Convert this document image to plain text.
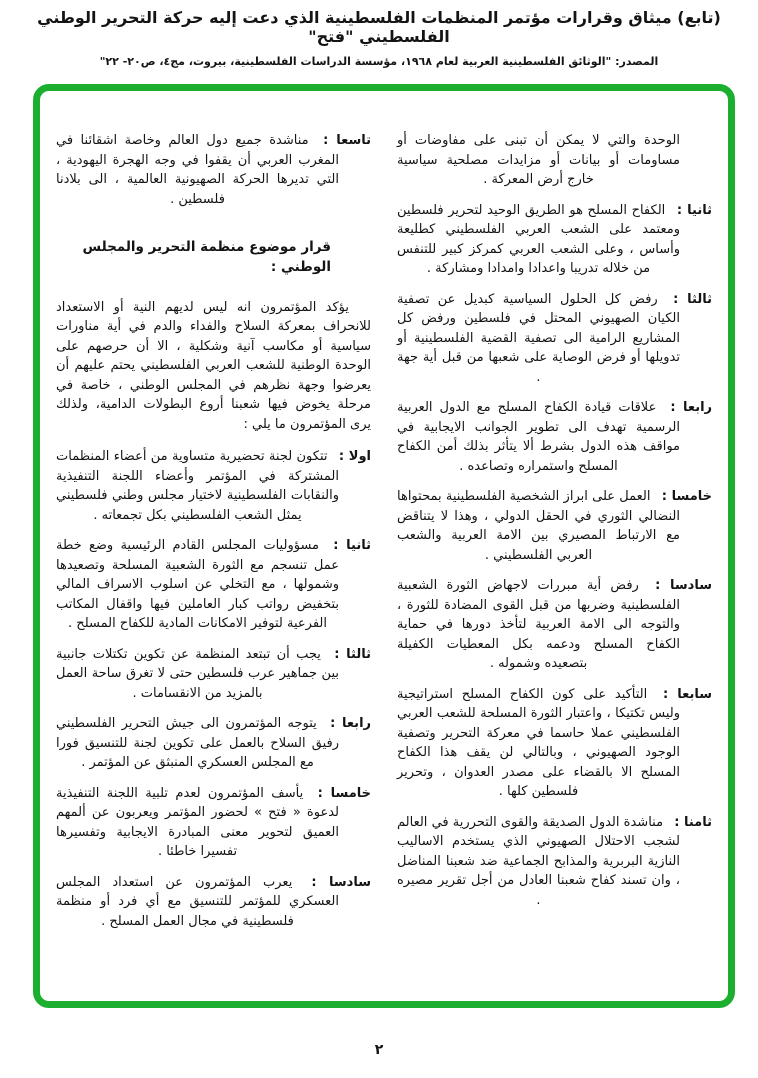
(تابع) ميثاق وقرارات مؤتمر المنظمات الفلسطينية الذي دعت إليه حركة التحرير الوطني الفلسطيني "فتح"
المصدر: "الوثائق الفلسطينية العربية لعام ١٩٦٨، مؤسسة الدراسات الفلسطينية، بيروت، مج٤، ص٢٠- ٢٢"

الوحدة والتي لا يمكن أن تبنى على مفاوضات أو مساومات أو بيانات أو مزايدات مصلحية سياسية خارج أرض المعركة .

ثانيا : الكفاح المسلح هو الطريق الوحيد لتحرير فلسطين ومعتمد على الشعب العربي الفلسطيني كطليعة وأساس ، وعلى الشعب العربي كمركز كبير للتنفس من خلاله تدريبا واعدادا وامدادا ومشاركة .

ثالثا : رفض كل الحلول السياسية كبديل عن تصفية الكيان الصهيوني المحتل في فلسطين ورفض كل المشاريع الرامية الى تصفية القضية الفلسطينية أو تدويلها أو فرض الوصاية على شعبها من قبل أية جهة .

رابعا : علاقات قيادة الكفاح المسلح مع الدول العربية الرسمية تهدف الى تطوير الجوانب الايجابية في مواقف هذه الدول بشرط ألا يتأثر بذلك أمن الكفاح المسلح واستمراره وتصاعده .

خامسا : العمل على ابراز الشخصية الفلسطينية بمحتواها النضالي الثوري في الحقل الدولي ، وهذا لا يتناقض مع الارتباط المصيري بين الامة العربية والشعب العربي الفلسطيني .

سادسا : رفض أية مبررات لاجهاض الثورة الشعبية الفلسطينية وضربها من قبل القوى المضادة للثورة ، والتوجه الى الامة العربية لتأخذ دورها في حماية الكفاح المسلح ودعمه بكل المعطيات الكفيلة بتصعيده وشموله .

سابعا : التأكيد على كون الكفاح المسلح استراتيجية وليس تكتيكا ، واعتبار الثورة المسلحة للشعب العربي الفلسطيني عملا حاسما في معركة التحرير وتصفية الوجود الصهيوني ، وبالتالي لن يقف هذا الكفاح المسلح الا بالقضاء على مصدر العدوان ، وتحرير فلسطين كلها .

ثامنا : مناشدة الدول الصديقة والقوى التحررية في العالم لشجب الاحتلال الصهيوني الذي يستخدم الاساليب النازية البربرية والمذابح الجماعية ضد شعبنا المناضل ، وان تسند كفاح شعبنا العادل من أجل تقرير مصيره .

تاسعا : مناشدة جميع دول العالم وخاصة اشقائنا في المغرب العربي أن يقفوا في وجه الهجرة اليهودية ، التي تديرها الحركة الصهيونية العالمية ، الى بلادنا فلسطين .

قرار موضوع منظمة التحرير والمجلس الوطني :

يؤكد المؤتمرون انه ليس لديهم النية أو الاستعداد للانحراف بمعركة السلاح والفداء والدم في أية مناورات سياسية أو مكاسب آنية وشكلية ، الا أن حرصهم على الوحدة الوطنية للشعب العربي الفلسطيني يحتم عليهم أن يعرضوا وجهة نظرهم في المجلس الوطني ، خاصة في مرحلة يخوض فيها شعبنا أروع البطولات الدامية، ولذلك يرى المؤتمرون ما يلي :

اولا : تتكون لجنة تحضيرية متساوية من أعضاء المنظمات المشتركة في المؤتمر وأعضاء اللجنة التنفيذية والنقابات الفلسطينية لاختيار مجلس وطني فلسطيني يمثل الشعب الفلسطيني بكل تجمعاته .

ثانيا : مسؤوليات المجلس القادم الرئيسية وضع خطة عمل تنسجم مع الثورة الشعبية المسلحة وتصعيدها وشمولها ، مع التخلي عن اسلوب الاسراف المالي بتخفيض رواتب كبار العاملين فيها واقفال المكاتب الفرعية لتوفير الامكانات المادية للكفاح المسلح .

ثالثا : يجب أن تبتعد المنظمة عن تكوين تكتلات جانبية بين جماهير عرب فلسطين حتى لا تغرق ساحة العمل بالمزيد من الانقسامات .

رابعا : يتوجه المؤتمرون الى جيش التحرير الفلسطيني رفيق السلاح بالعمل على تكوين لجنة للتنسيق فورا مع المجلس العسكري المنبثق عن المؤتمر .

خامسا : يأسف المؤتمرون لعدم تلبية اللجنة التنفيذية لدعوة « فتح » لحضور المؤتمر ويعربون عن ألمهم العميق لتحوير معنى المبادرة الايجابية وتفسيرها تفسيرا خاطئا .

سادسا : يعرب المؤتمرون عن استعداد المجلس العسكري للمؤتمر للتنسيق مع أي فرد أو منظمة فلسطينية في مجال العمل المسلح .

٢
